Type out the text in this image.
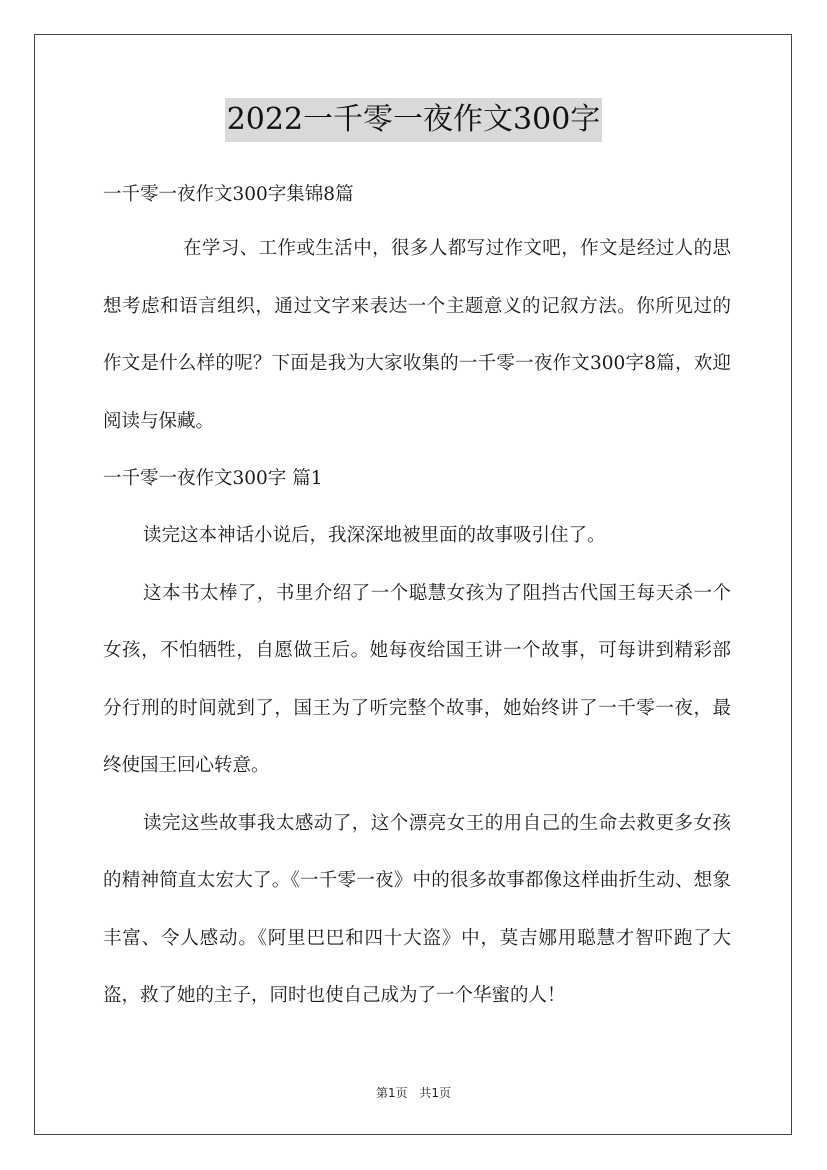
2022一千零一夜作文300字

一千零一夜作文300字集锦8篇

在学习、工作或生活中，很多人都写过作文吧，作文是经过人的思想考虑和语言组织，通过文字来表达一个主题意义的记叙方法。你所见过的作文是什么样的呢？下面是我为大家收集的一千零一夜作文300字8篇，欢迎阅读与保藏。

一千零一夜作文300字 篇1

读完这本神话小说后，我深深地被里面的故事吸引住了。

这本书太棒了，书里介绍了一个聪慧女孩为了阻挡古代国王每天杀一个女孩，不怕牺牲，自愿做王后。她每夜给国王讲一个故事，可每讲到精彩部分行刑的时间就到了，国王为了听完整个故事，她始终讲了一千零一夜，最终使国王回心转意。

读完这些故事我太感动了，这个漂亮女王的用自己的生命去救更多女孩的精神简直太宏大了。《一千零一夜》中的很多故事都像这样曲折生动、想象丰富、令人感动。《阿里巴巴和四十大盗》中，莫吉娜用聪慧才智吓跑了大盗，救了她的主子，同时也使自己成为了一个华蜜的人！

第1页 共1页
